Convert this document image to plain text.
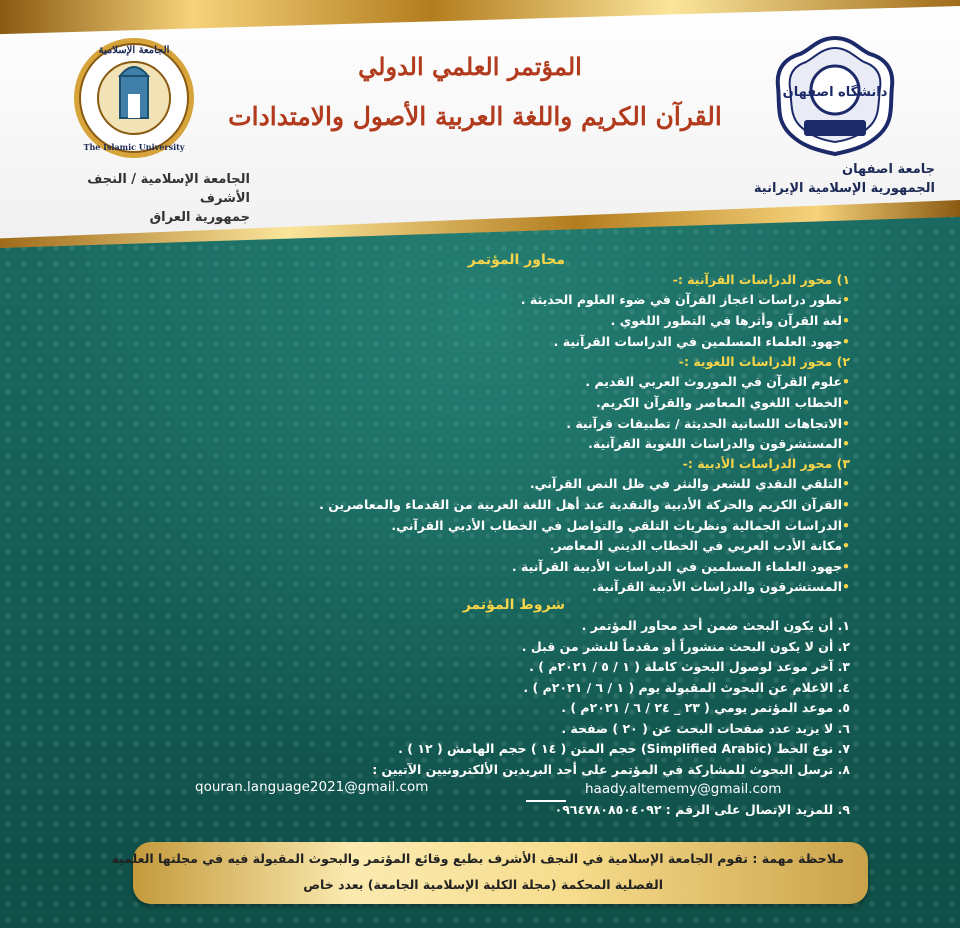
المؤتمر العلمي الدولي
القرآن الكريم واللغة العربية الأصول والامتدادات
دانشگاه اصفهان
الجامعة الإسلامية
The Islamic University
جامعة اصفهان
الجمهورية الإسلامية الإيرانية
الجامعة الإسلامية / النجف الأشرف
جمهورية العراق
محاور المؤتمر
١) محور الدراسات القرآنية :-
•تطور دراسات اعجاز القرآن في ضوء العلوم الحديثة .
•لغة القرآن وأثرها في التطور اللغوي .
•جهود العلماء المسلمين في الدراسات القرآنية .
٢) محور الدراسات اللغوية :-
•علوم القرآن في الموروث العربي القديم .
•الخطاب اللغوي المعاصر والقرآن الكريم.
•الاتجاهات اللسانية الحديثة / تطبيقات قرآنية .
•المستشرقون والدراسات اللغوية القرآنية.
٣) محور الدراسات الأدبية :-
•التلقي النقدي للشعر والنثر في ظل النص القرآني.
•القرآن الكريم والحركة الأدبية والنقدية عند أهل اللغة العربية من القدماء والمعاصرين .
•الدراسات الجمالية ونظريات التلقي والتواصل في الخطاب الأدبي القرآني.
•مكانة الأدب العربي في الخطاب الديني المعاصر.
•جهود العلماء المسلمين في الدراسات الأدبية القرآنية .
•المستشرقون والدراسات الأدبية القرآنية.
شروط المؤتمر
١. أن يكون البحث ضمن أحد محاور المؤتمر .
٢. أن لا يكون البحث منشوراً أو مقدماً للنشر من قبل .
٣. آخر موعد لوصول البحوث كاملة ( ١ / ٥ / ٢٠٢١م ) .
٤. الاعلام عن البحوث المقبولة يوم ( ١ / ٦ / ٢٠٢١م ) .
٥. موعد المؤتمر يومي ( ٢٣ _ ٢٤ / ٦ / ٢٠٢١م ) .
٦. لا يزيد عدد صفحات البحث عن ( ٢٠ ) صفحة .
٧. نوع الخط (Simplified Arabic) حجم المتن ( ١٤ ) حجم الهامش ( ١٢ ) .
٨. ترسل البحوث للمشاركة في المؤتمر على أحد البريدين الألكترونيين الآتيين :
haady.altememy@gmail.com
qouran.language2021@gmail.com
٩. للمزيد الإتصال على الرقم : ٠٩٦٤٧٨٠٨٥٠٤٠٩٢
ملاحظة مهمة : تقوم الجامعة الإسلامية في النجف الأشرف بطبع وقائع المؤتمر والبحوث المقبولة فيه في مجلتها العلمية
الفصلية المحكمة (مجلة الكلية الإسلامية الجامعة) بعدد خاص
